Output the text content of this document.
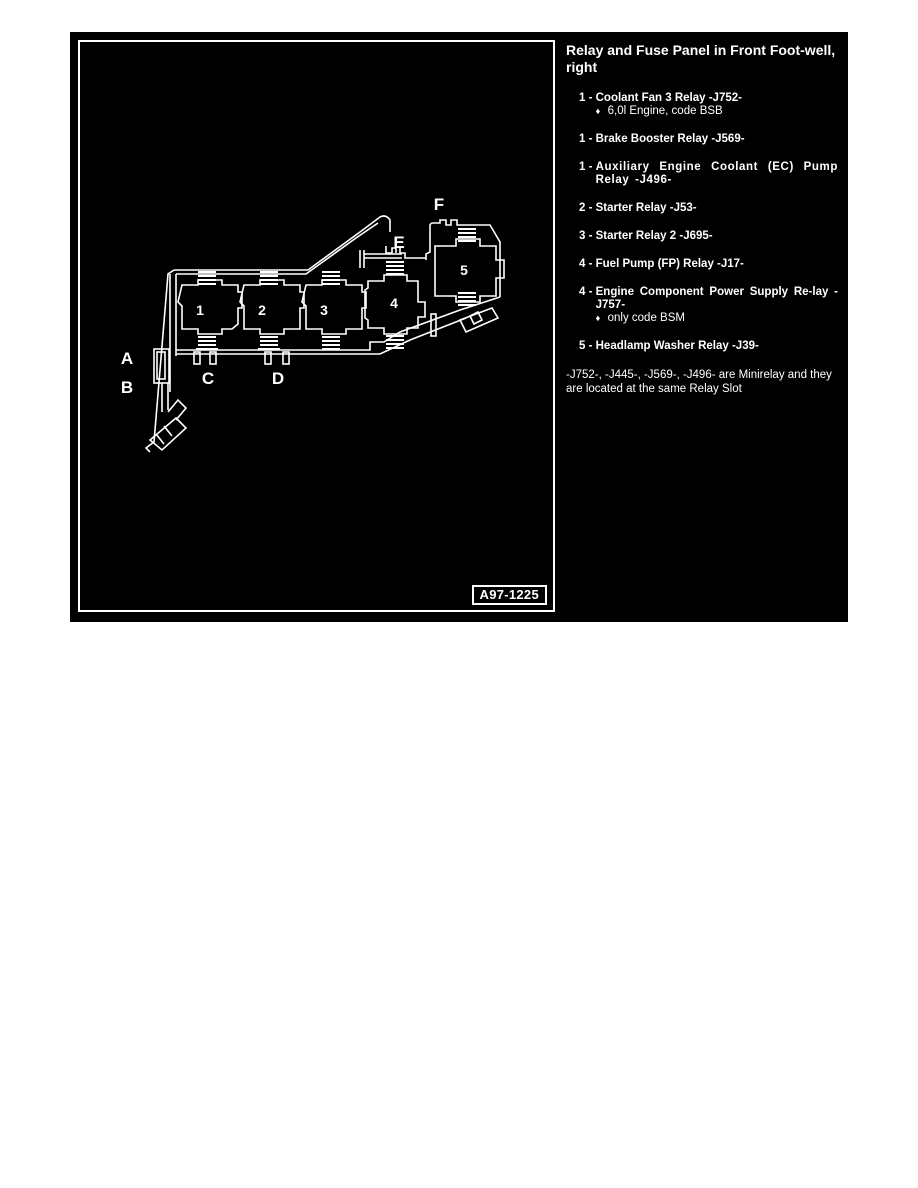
1	2	3	4
5
A
B	C	D
E
F
A97-1225
Relay and Fuse Panel in Front Foot-well, right
1 - Coolant Fan 3 Relay -J752-
♦ 6,0l Engine, code BSB
1 - Brake Booster Relay -J569-
1 - Auxiliary Engine Coolant (EC) Pump Relay -J496-
2 - Starter Relay -J53-
3 - Starter Relay 2 -J695-
4 - Fuel Pump (FP) Relay -J17-
4 - Engine Component Power Supply Re-lay -J757-
♦ only code BSM
5 - Headlamp Washer Relay -J39-
-J752-, -J445-, -J569-, -J496- are Minirelay and they are located at the same Relay Slot
